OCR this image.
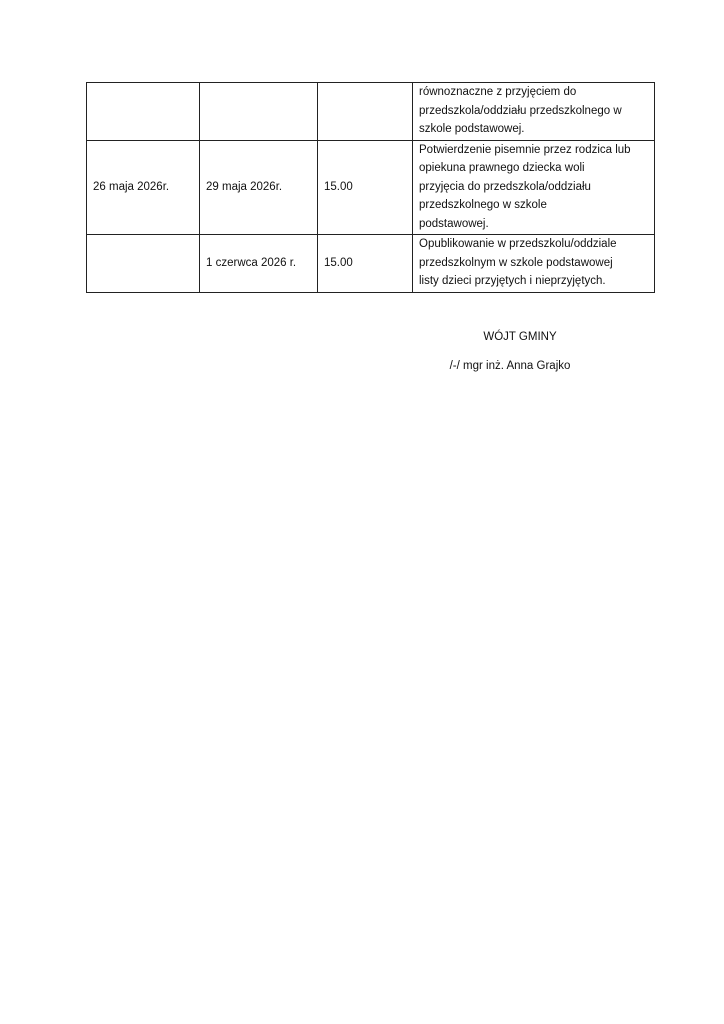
			równoznaczne z przyjęciem do
przedszkola/oddziału przedszkolnego w
szkole podstawowej.

26 maja 2026r.	29 maja 2026r.	15.00	Potwierdzenie pisemnie przez rodzica lub
opiekuna prawnego dziecka woli
przyjęcia do przedszkola/oddziału
przedszkolnego w szkole
podstawowej.

	1 czerwca 2026 r.	15.00	Opublikowanie w przedszkolu/oddziale
przedszkolnym w szkole podstawowej
listy dzieci przyjętych i nieprzyjętych.
WÓJT GMINY
/-/ mgr inż. Anna Grajko
